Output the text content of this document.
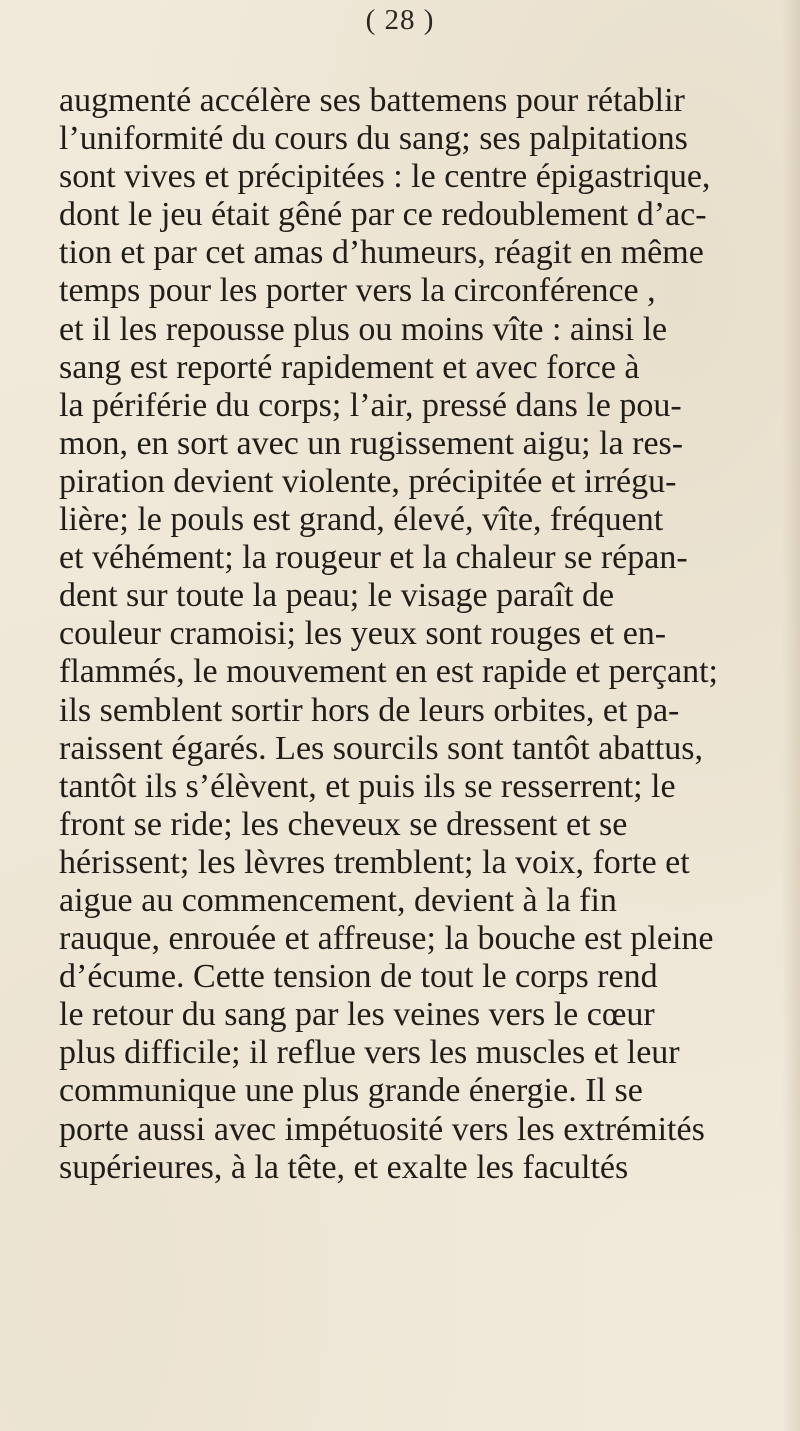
( 28 )
augmenté accélère ses battemens pour rétablir
l’uniformité du cours du sang; ses palpitations
sont vives et précipitées : le centre épigastrique,
dont le jeu était gêné par ce redoublement d’ac-
tion et par cet amas d’humeurs, réagit en même
temps pour les porter vers la circonférence ,
et il les repousse plus ou moins vîte : ainsi le
sang est reporté rapidement et avec force à
la périférie du corps; l’air, pressé dans le pou-
mon, en sort avec un rugissement aigu; la res-
piration devient violente, précipitée et irrégu-
lière; le pouls est grand, élevé, vîte, fréquent
et véhément; la rougeur et la chaleur se répan-
dent sur toute la peau; le visage paraît de
couleur cramoisi; les yeux sont rouges et en-
flammés, le mouvement en est rapide et perçant;
ils semblent sortir hors de leurs orbites, et pa-
raissent égarés. Les sourcils sont tantôt abattus,
tantôt ils s’élèvent, et puis ils se resserrent; le
front se ride; les cheveux se dressent et se
hérissent; les lèvres tremblent; la voix, forte et
aigue au commencement, devient à la fin
rauque, enrouée et affreuse; la bouche est pleine
d’écume. Cette tension de tout le corps rend
le retour du sang par les veines vers le cœur
plus difficile; il reflue vers les muscles et leur
communique une plus grande énergie. Il se
porte aussi avec impétuosité vers les extrémités
supérieures, à la tête, et exalte les facultés
